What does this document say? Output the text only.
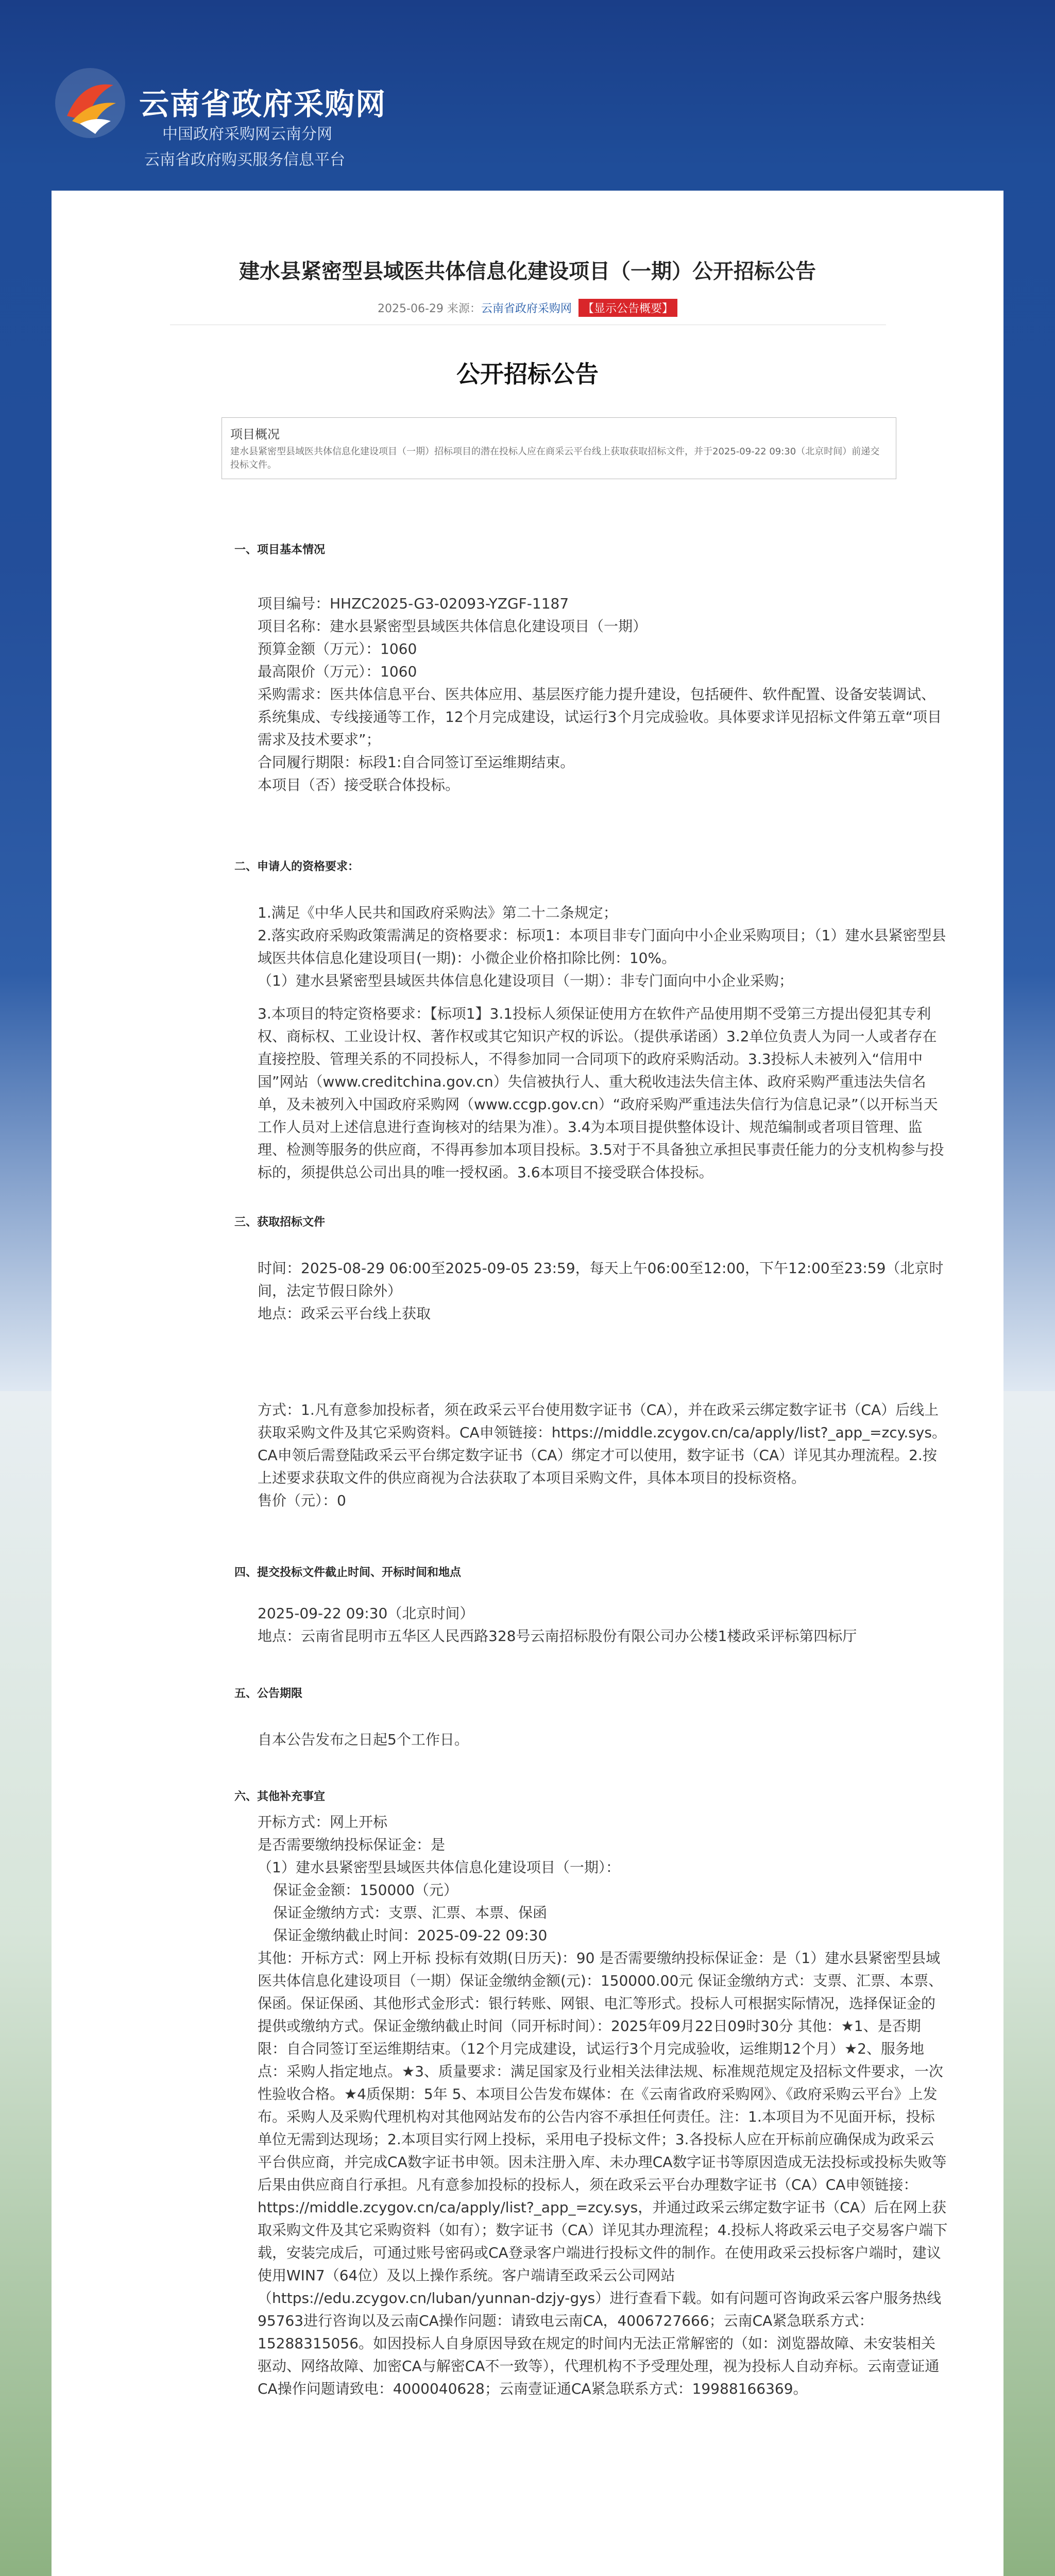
云南省政府采购网
中国政府采购网云南分网
云南省政府购买服务信息平台
建水县紧密型县域医共体信息化建设项目（一期）公开招标公告
2025-06-29 来源：云南省政府采购网 【显示公告概要】
公开招标公告
项目概况
建水县紧密型县域医共体信息化建设项目（一期）招标项目的潜在投标人应在商采云平台线上获取获取招标文件，并于2025-09-22 09:30（北京时间）前递交投标文件。
一、项目基本情况

项目编号：HHZC2025-G3-02093-YZGF-1187

项目名称：建水县紧密型县域医共体信息化建设项目（一期）

预算金额（万元）：1060

最高限价（万元）：1060

采购需求：医共体信息平台、医共体应用、基层医疗能力提升建设，包括硬件、软件配置、设备安装调试、系统集成、专线接通等工作，12个月完成建设，试运行3个月完成验收。具体要求详见招标文件第五章“项目需求及技术要求”；

合同履行期限：标段1:自合同签订至运维期结束。

本项目（否）接受联合体投标。

二、申请人的资格要求：

1.满足《中华人民共和国政府采购法》第二十二条规定；

2.落实政府采购政策需满足的资格要求：标项1：本项目非专门面向中小企业采购项目；（1）建水县紧密型县域医共体信息化建设项目(一期)：小微企业价格扣除比例：10%。

（1）建水县紧密型县域医共体信息化建设项目（一期）：非专门面向中小企业采购；

3.本项目的特定资格要求：【标项1】3.1投标人须保证使用方在软件产品使用期不受第三方提出侵犯其专利权、商标权、工业设计权、著作权或其它知识产权的诉讼。（提供承诺函）3.2单位负责人为同一人或者存在直接控股、管理关系的不同投标人，不得参加同一合同项下的政府采购活动。3.3投标人未被列入“信用中国”网站（www.creditchina.gov.cn）失信被执行人、重大税收违法失信主体、政府采购严重违法失信名单，及未被列入中国政府采购网（www.ccgp.gov.cn）“政府采购严重违法失信行为信息记录”（以开标当天工作人员对上述信息进行查询核对的结果为准）。3.4为本项目提供整体设计、规范编制或者项目管理、监理、检测等服务的供应商，不得再参加本项目投标。3.5对于不具备独立承担民事责任能力的分支机构参与投标的，须提供总公司出具的唯一授权函。3.6本项目不接受联合体投标。

三、获取招标文件

时间：2025-08-29 06:00至2025-09-05 23:59，每天上午06:00至12:00，下午12:00至23:59（北京时间，法定节假日除外）

地点：政采云平台线上获取

方式：1.凡有意参加投标者，须在政采云平台使用数字证书（CA），并在政采云绑定数字证书（CA）后线上获取采购文件及其它采购资料。CA申领链接：https://middle.zcygov.cn/ca/apply/list?_app_=zcy.sys。CA申领后需登陆政采云平台绑定数字证书（CA）绑定才可以使用，数字证书（CA）详见其办理流程。2.按上述要求获取文件的供应商视为合法获取了本项目采购文件，具体本项目的投标资格。

售价（元）：0

四、提交投标文件截止时间、开标时间和地点

2025-09-22 09:30（北京时间）

地点：云南省昆明市五华区人民西路328号云南招标股份有限公司办公楼1楼政采评标第四标厅

五、公告期限

自本公告发布之日起5个工作日。

六、其他补充事宜

开标方式：网上开标

是否需要缴纳投标保证金：是

（1）建水县紧密型县域医共体信息化建设项目（一期）：

保证金金额：150000（元）

保证金缴纳方式：支票、汇票、本票、保函

保证金缴纳截止时间：2025-09-22 09:30

其他：开标方式：网上开标 投标有效期(日历天)：90 是否需要缴纳投标保证金：是（1）建水县紧密型县域医共体信息化建设项目（一期）保证金缴纳金额(元)：150000.00元 保证金缴纳方式：支票、汇票、本票、保函。保证保函、其他形式金形式：银行转账、网银、电汇等形式。投标人可根据实际情况，选择保证金的提供或缴纳方式。保证金缴纳截止时间（同开标时间）：2025年09月22日09时30分 其他：★1、是否期限：自合同签订至运维期结束。（12个月完成建设，试运行3个月完成验收，运维期12个月）★2、服务地点：采购人指定地点。★3、质量要求：满足国家及行业相关法律法规、标准规范规定及招标文件要求，一次性验收合格。★4质保期：5年 5、本项目公告发布媒体：在《云南省政府采购网》、《政府采购云平台》上发布。采购人及采购代理机构对其他网站发布的公告内容不承担任何责任。注：1.本项目为不见面开标，投标单位无需到达现场；2.本项目实行网上投标，采用电子投标文件；3.各投标人应在开标前应确保成为政采云平台供应商，并完成CA数字证书申领。因未注册入库、未办理CA数字证书等原因造成无法投标或投标失败等后果由供应商自行承担。凡有意参加投标的投标人，须在政采云平台办理数字证书（CA）CA申领链接：https://middle.zcygov.cn/ca/apply/list?_app_=zcy.sys，并通过政采云绑定数字证书（CA）后在网上获取采购文件及其它采购资料（如有）；数字证书（CA）详见其办理流程；4.投标人将政采云电子交易客户端下载，安装完成后，可通过账号密码或CA登录客户端进行投标文件的制作。在使用政采云投标客户端时，建议使用WIN7（64位）及以上操作系统。客户端请至政采云公司网站（https://edu.zcygov.cn/luban/yunnan-dzjy-gys）进行查看下载。如有问题可咨询政采云客户服务热线95763进行咨询以及云南CA操作问题：请致电云南CA，4006727666；云南CA紧急联系方式：15288315056。如因投标人自身原因导致在规定的时间内无法正常解密的（如：浏览器故障、未安装相关驱动、网络故障、加密CA与解密CA不一致等），代理机构不予受理处理，视为投标人自动弃标。云南壹证通CA操作问题请致电：4000040628；云南壹证通CA紧急联系方式：19988166369。
